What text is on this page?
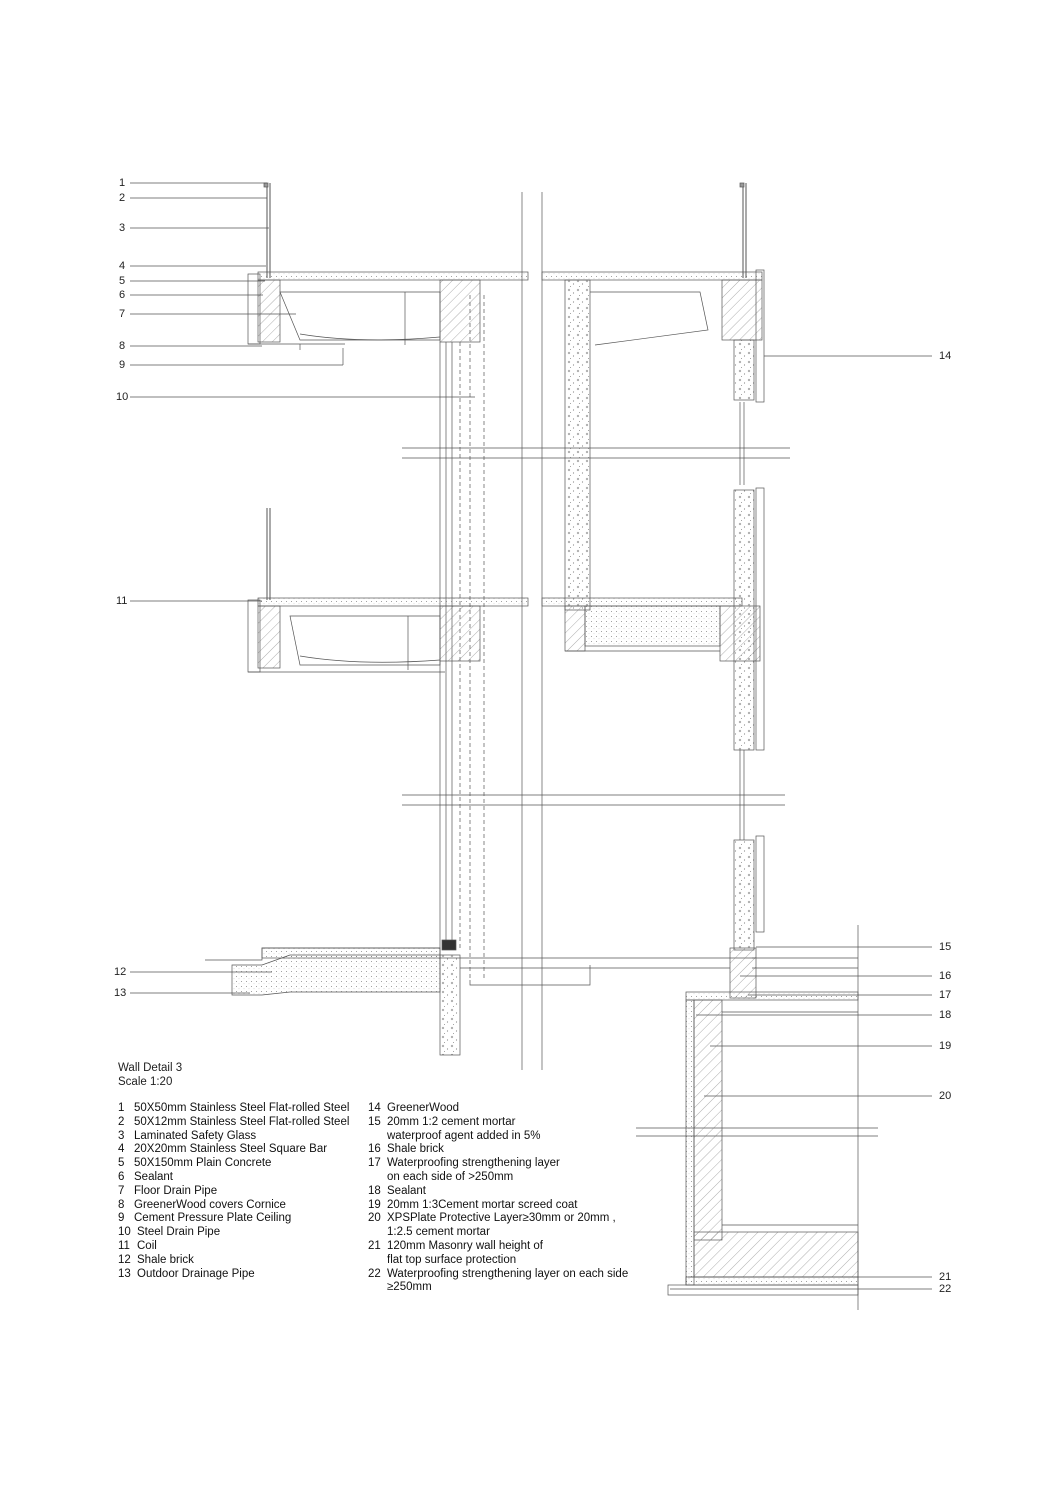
1
2
3
4
5
6
7
8
9
10
11
12
13
14
15
16
17
18
19
20
21
22
Wall Detail 3
Scale 1:20
1 50X50mm Stainless Steel Flat-rolled Steel
2 50X12mm Stainless Steel Flat-rolled Steel
3 Laminated Safety Glass
4 20X20mm Stainless Steel Square Bar
5 50X150mm Plain Concrete
6 Sealant
7 Floor Drain Pipe
8 GreenerWood covers Cornice
9 Cement Pressure Plate Ceiling
10 Steel Drain Pipe
11 Coil
12 Shale brick
13 Outdoor Drainage Pipe
14 GreenerWood
15 20mm 1:2 cement mortar
waterproof agent added in 5%
16 Shale brick
17 Waterproofing strengthening layer
on each side of >250mm
18 Sealant
19 20mm 1:3Cement mortar screed coat
20 XPSPlate Protective Layer≥30mm or 20mm ,
1:2.5 cement mortar
21 120mm Masonry wall height of
flat top surface protection
22 Waterproofing strengthening layer on each side
≥250mm
